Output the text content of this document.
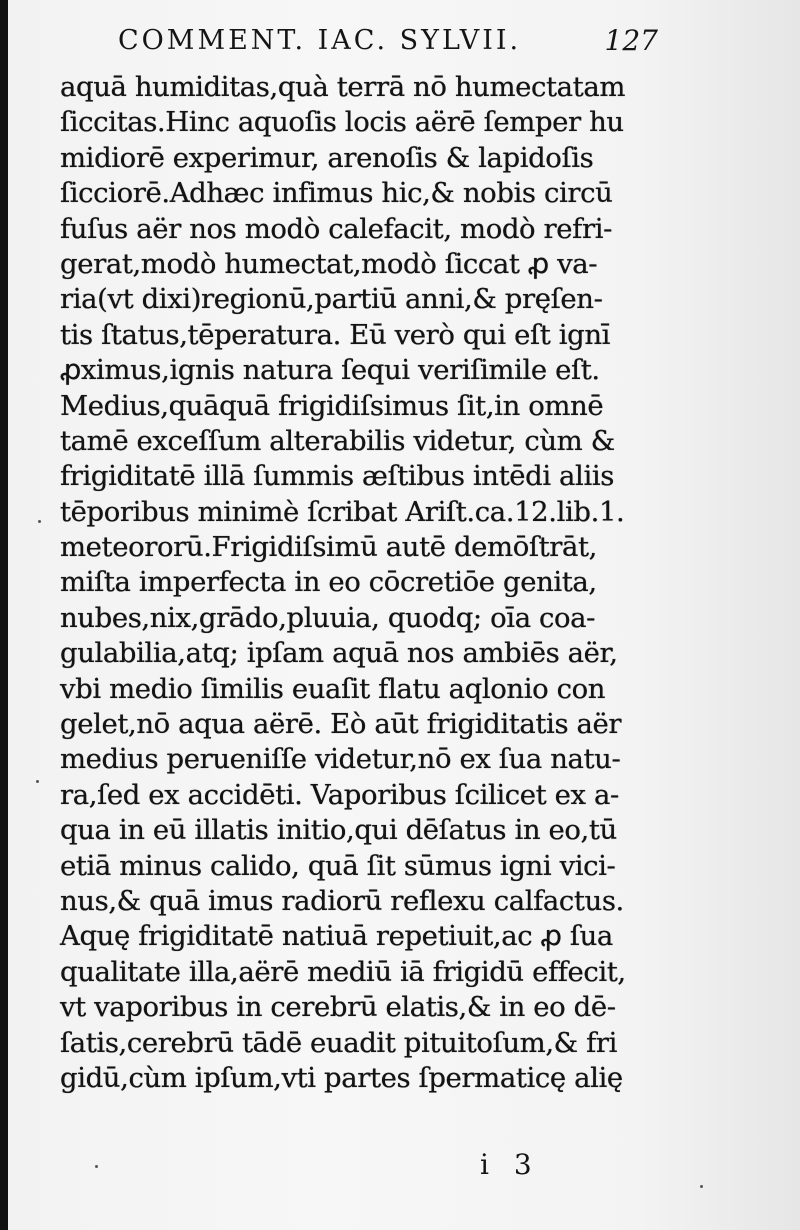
COMMENT. IAC. SYLVII.	127
aquā humiditas,quà terrā nō humectatam
ſiccitas.Hinc aquoſis locis aërē ſemper hu
midiorē experimur, arenoſis & lapidoſis
ſicciorē.Adhæc infimus hic,& nobis circū
fuſus aër nos modò calefacit, modò refri-
gerat,modò humectat,modò ſiccat ꝓ va-
ria(vt dixi)regionū,partiū anni,& pręſen-
tis ſtatus,tēperatura. Eū verò qui eſt ignī
ꝓximus,ignis natura ſequi veriſimile eſt.
Medius,quāquā frigidiſsimus ſit,in omnē
tamē exceſſum alterabilis videtur, cùm &
frigiditatē illā ſummis æſtibus intēdi aliis
tēporibus minimè ſcribat Ariſt.ca.12.lib.1.
meteororū.Frigidiſsimū autē demōſtrāt,
miſta imperfecta in eo cōcretiōe genita,
nubes,nix,grādo,pluuia, quodq; oīa coa-
gulabilia,atq; ipſam aquā nos ambiēs aër,
vbi medio ſimilis euaſit flatu aqlonio con
gelet,nō aqua aërē. Eò aūt frigiditatis aër
medius perueniſſe videtur,nō ex ſua natu-
ra,ſed ex accidēti. Vaporibus ſcilicet ex a-
qua in eū illatis initio,qui dēſatus in eo,tū
etiā minus calido, quā ſit sūmus igni vici-
nus,& quā imus radiorū reflexu calfactus.
Aquę frigiditatē natiuā repetiuit,ac ꝓ ſua
qualitate illa,aërē mediū iā frigidū effecit,
vt vaporibus in cerebrū elatis,& in eo dē-
ſatis,cerebrū tādē euadit pituitoſum,& fri
gidū,cùm ipſum,vti partes ſpermaticę alię
i 3
